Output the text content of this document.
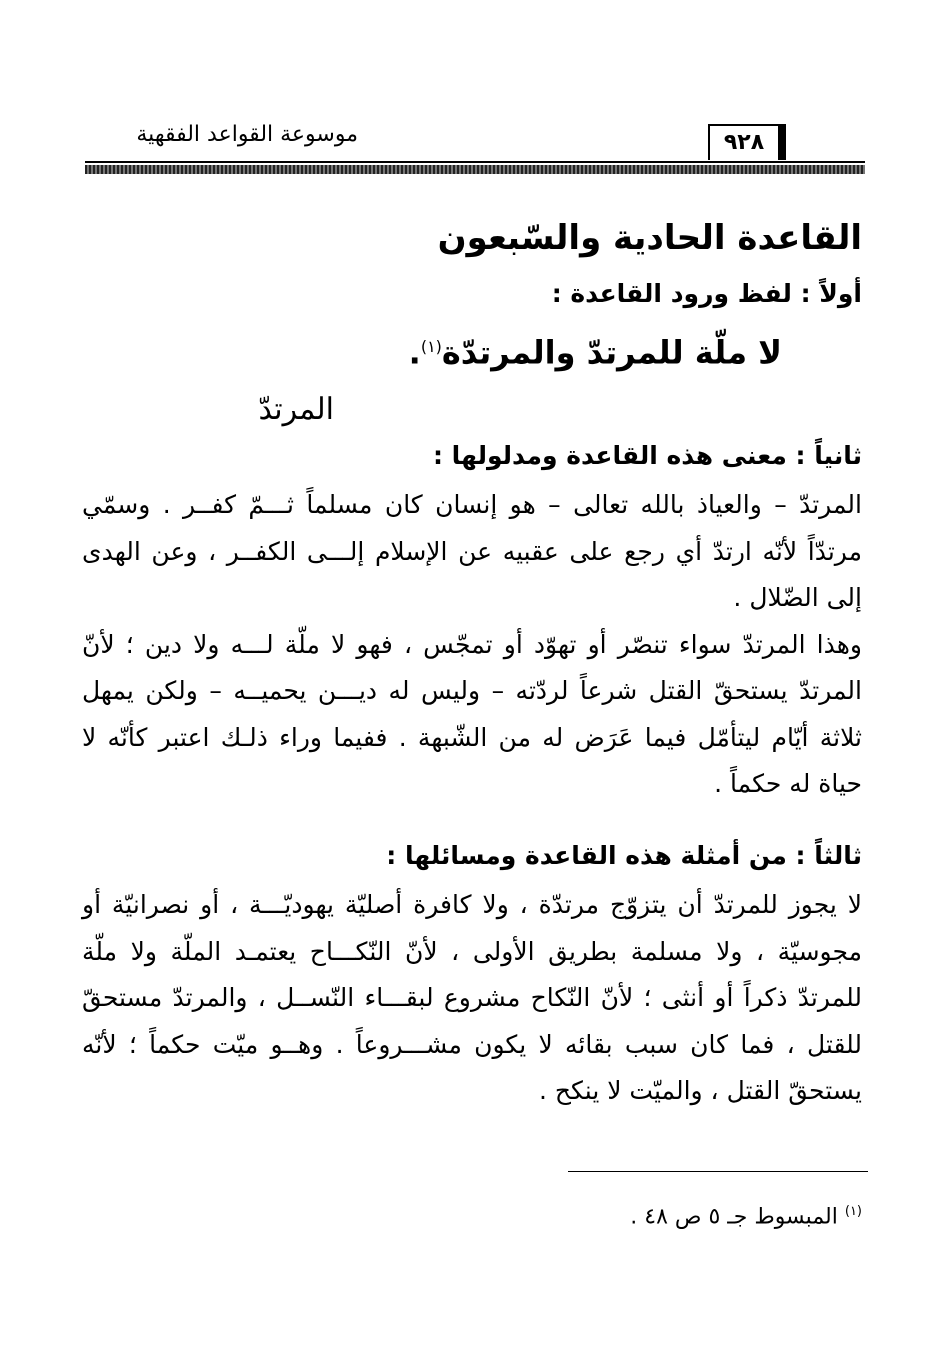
موسوعة القواعد الفقهية	٩٢٨
القاعدة الحادية والسّبعون
أولاً : لفظ ورود القاعدة :
لا ملّة للمرتدّ والمرتدّة$^{(١)}$.
المرتدّ
ثانياً : معنى هذه القاعدة ومدلولها :

المرتدّ – والعياذ بالله تعالى – هو إنسان كان مسلماً ثـــمّ كفــر . وسمّي مرتدّاً لأنّه ارتدّ أي رجع على عقبيه عن الإسلام إلـــى الكفــر ، وعن الهدى إلى الضّلال .

وهذا المرتدّ سواء تنصّر أو تهوّد أو تمجّس ، فهو لا ملّة لـــه ولا دين ؛ لأنّ المرتدّ يستحقّ القتل شرعاً لردّته – وليس له ديـــن يحميــه – ولكن يمهل ثلاثة أيّام ليتأمّل فيما عَرَض له من الشّبهة . ففيما وراء ذلـك اعتبر كأنّه لا حياة له حكماً .

ثالثاً : من أمثلة هذه القاعدة ومسائلها :

لا يجوز للمرتدّ أن يتزوّج مرتدّة ، ولا كافرة أصليّة يهوديّـــة ، أو نصرانيّة أو مجوسيّة ، ولا مسلمة بطريق الأولى ، لأنّ النّكـــاح يعتمـد الملّة ولا ملّة للمرتدّ ذكراً أو أنثى ؛ لأنّ النّكاح مشروع لبقـــاء النّســل ، والمرتدّ مستحقّ للقتل ، فما كان سبب بقائه لا يكون مشـــروعاً . وهــو ميّت حكماً ؛ لأنّه يستحقّ القتل ، والميّت لا ينكح .

$^{(١)}$ المبسوط جـ ٥ ص ٤٨ .
